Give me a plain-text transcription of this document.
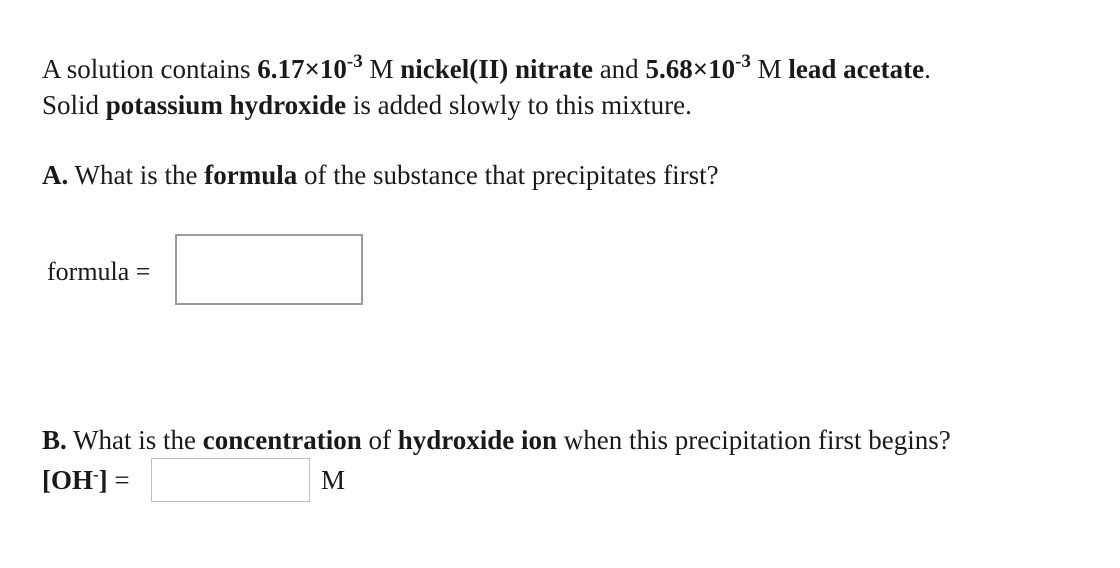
A solution contains $6.17\times 10^{-3}$ M nickel(II) nitrate and $5.68\times 10^{-3}$ M lead acetate.
Solid potassium hydroxide is added slowly to this mixture.
A. What is the formula of the substance that precipitates first?
formula =
B. What is the concentration of hydroxide ion when this precipitation first begins?
[OH-] =	M
